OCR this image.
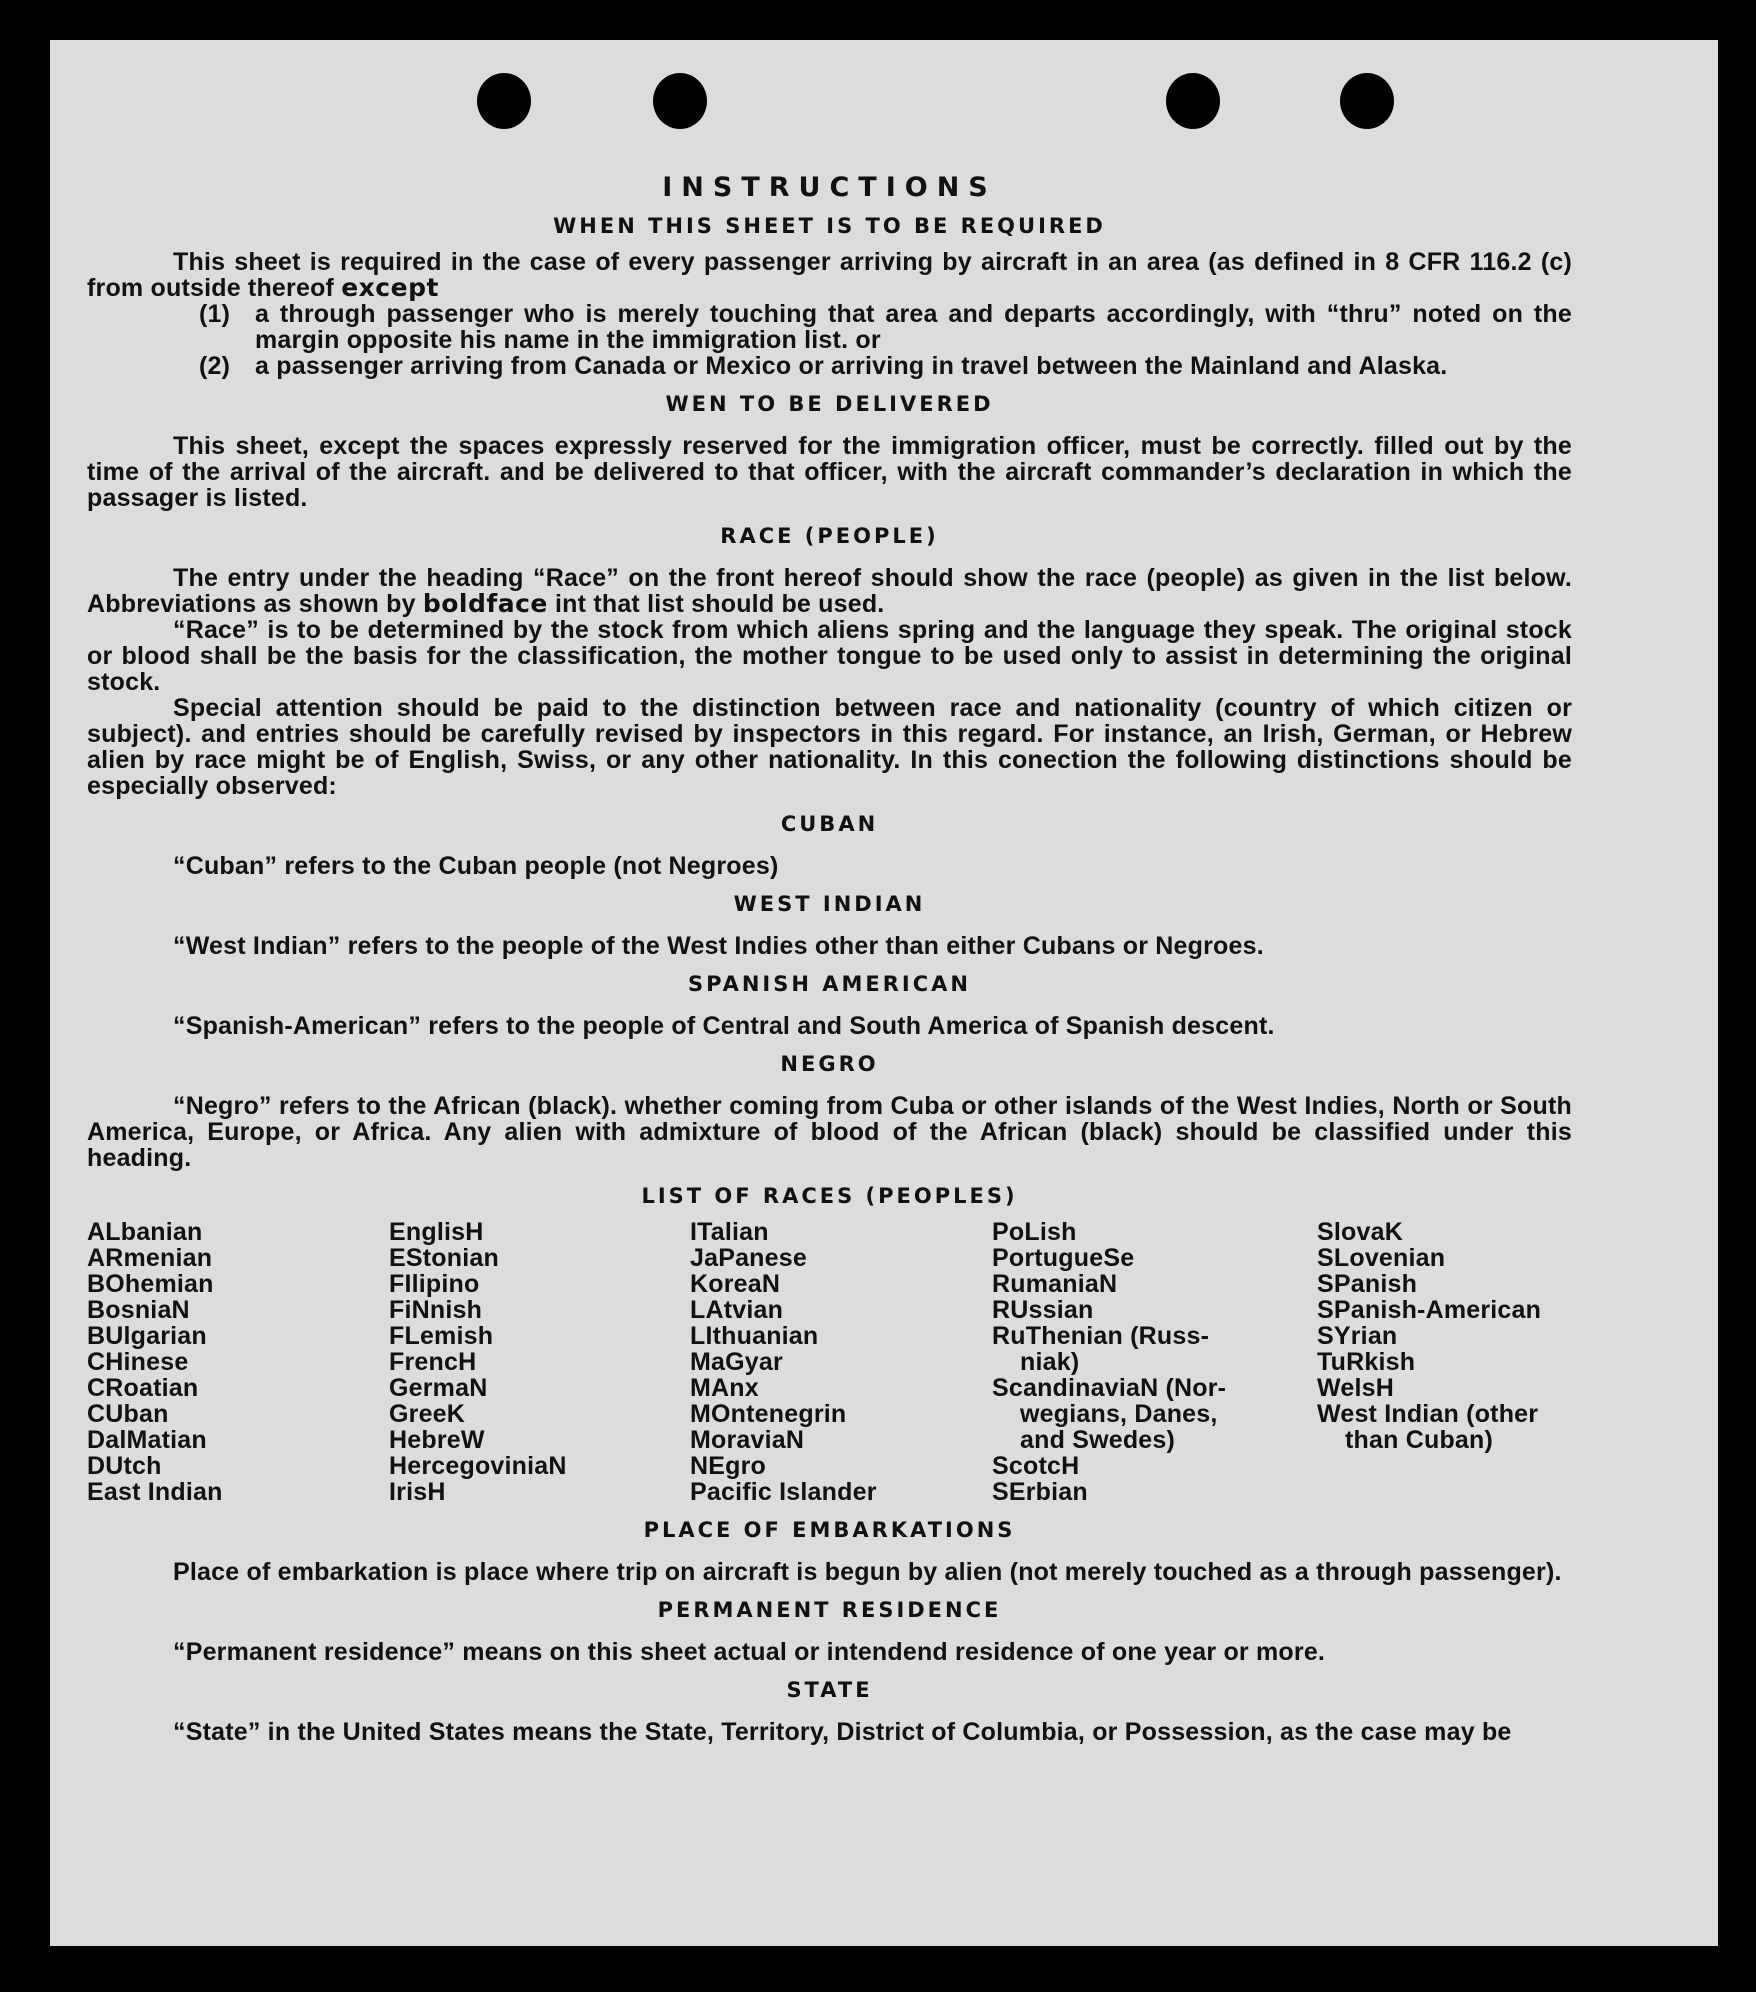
INSTRUCTIONS
WHEN THIS SHEET IS TO BE REQUIRED

This sheet is required in the case of every passenger arriving by aircraft in an area (as defined in 8 CFR 116.2 (c) from outside thereof except

(1) a through passenger who is merely touching that area and departs accordingly, with “thru” noted on the margin opposite his name in the immigration list. or
(2) a passenger arriving from Canada or Mexico or arriving in travel between the Mainland and Alaska.
WEN TO BE DELIVERED

This sheet, except the spaces expressly reserved for the immigration officer, must be correctly. filled out by the time of the arrival of the aircraft. and be delivered to that officer, with the aircraft commander’s declaration in which the passager is listed.

RACE (PEOPLE)

The entry under the heading “Race” on the front hereof should show the race (people) as given in the list below. Abbreviations as shown by boldface int that list should be used.

“Race” is to be determined by the stock from which aliens spring and the language they speak. The original stock or blood shall be the basis for the classification, the mother tongue to be used only to assist in determining the original stock.

Special attention should be paid to the distinction between race and nationality (country of which citizen or subject). and entries should be carefully revised by inspectors in this regard. For instance, an Irish, German, or Hebrew alien by race might be of English, Swiss, or any other nationality. In this conection the following distinctions should be especially observed:

CUBAN

“Cuban” refers to the Cuban people (not Negroes)

WEST INDIAN

“West Indian” refers to the people of the West Indies other than either Cubans or Negroes.

SPANISH AMERICAN

“Spanish-American” refers to the people of Central and South America of Spanish descent.

NEGRO

“Negro” refers to the African (black). whether coming from Cuba or other islands of the West Indies, North or South America, Europe, or Africa. Any alien with admixture of blood of the African (black) should be classified under this heading.

LIST OF RACES (PEOPLES)
ALbanian
ARmenian
BOhemian
BosniaN
BUlgarian
CHinese
CRoatian
CUban
DalMatian
DUtch
East Indian
EnglisH
EStonian
FIlipino
FiNnish
FLemish
FrencH
GermaN
GreeK
HebreW
HercegoviniaN
IrisH
ITalian
JaPanese
KoreaN
LAtvian
LIthuanian
MaGyar
MAnx
MOntenegrin
MoraviaN
NEgro
Pacific Islander
PoLish
PortugueSe
RumaniaN
RUssian
RuThenian (Russ-
niak)
ScandinaviaN (Nor-
wegians, Danes,
and Swedes)
ScotcH
SErbian
SlovaK
SLovenian
SPanish
SPanish-American
SYrian
TuRkish
WelsH
West Indian (other
than Cuban)
PLACE OF EMBARKATIONS

Place of embarkation is place where trip on aircraft is begun by alien (not merely touched as a through passenger).

PERMANENT RESIDENCE

“Permanent residence” means on this sheet actual or intendend residence of one year or more.

STATE

“State” in the United States means the State, Territory, District of Columbia, or Possession, as the case may be
